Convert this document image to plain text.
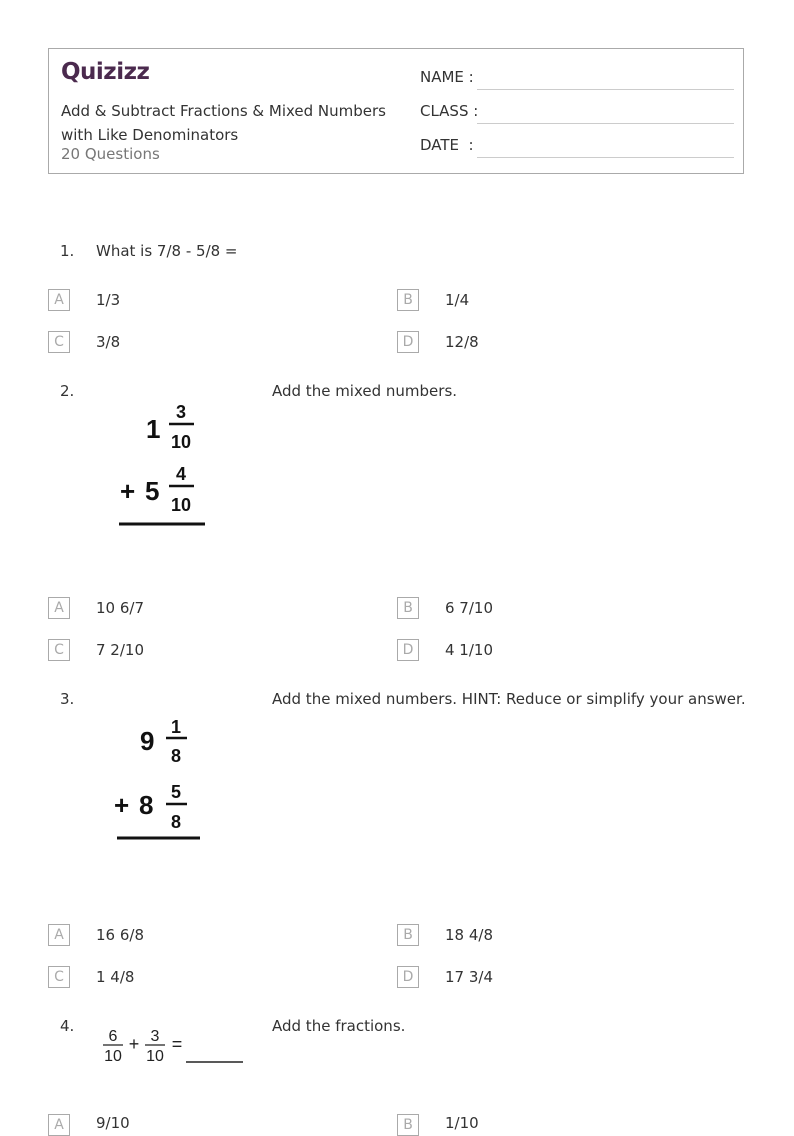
Quizizz
Add & Subtract Fractions & Mixed Numbers with Like Denominators
20 Questions
NAME :
CLASS :
DATE  :
1. What is 7/8 - 5/8 =
A	1/3	B	1/4
C	3/8	D	12/8
2.	Add the mixed numbers.
1
3
10
+ 5
4
10
A	10 6/7	B	6 7/10
C	7 2/10	D	4 1/10
3.	Add the mixed numbers. HINT: Reduce or simplify your answer.
9 1
8
+ 8 5
8
A	16 6/8	B	18 4/8
C	1 4/8	D	17 3/4
4.	Add the fractions.
6
10
+ 3
10
=
A	9/10	B	1/10
